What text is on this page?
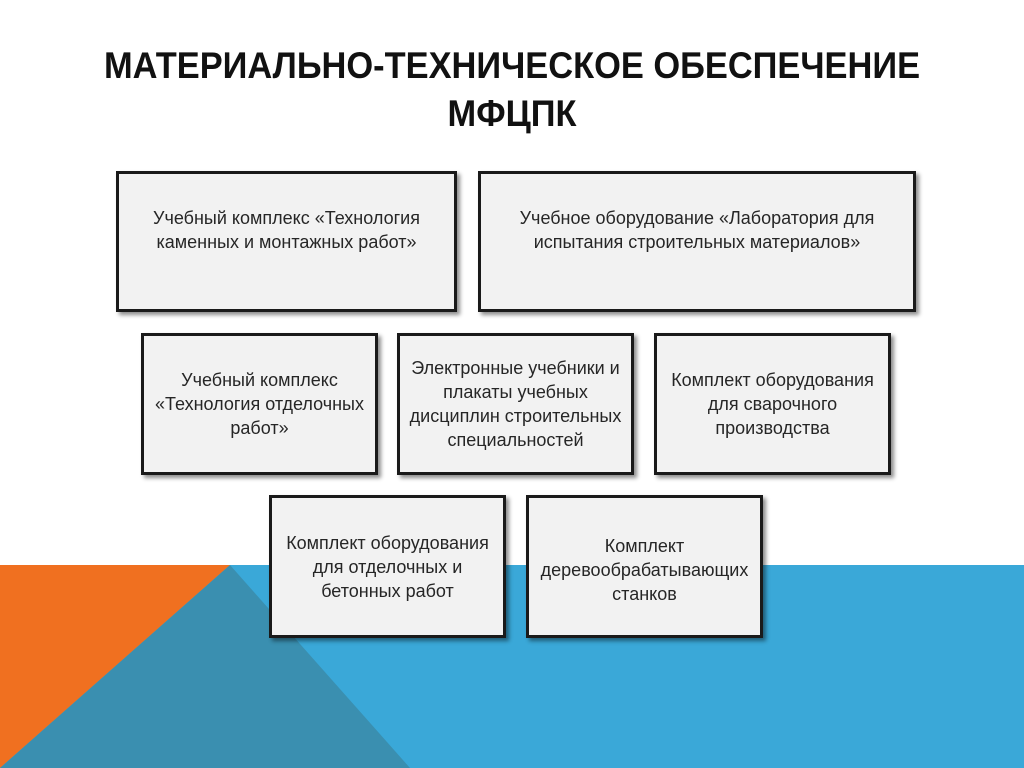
МАТЕРИАЛЬНО-ТЕХНИЧЕСКОЕ ОБЕСПЕЧЕНИЕ МФЦПК
Учебный комплекс «Технология каменных и монтажных работ»
Учебное оборудование «Лаборатория для испытания строительных материалов»
Учебный комплекс «Технология отделочных работ»
Электронные учебники и плакаты учебных дисциплин строительных специальностей
Комплект оборудования для сварочного производства
Комплект оборудования для отделочных и бетонных работ
Комплект деревообрабатывающих станков
